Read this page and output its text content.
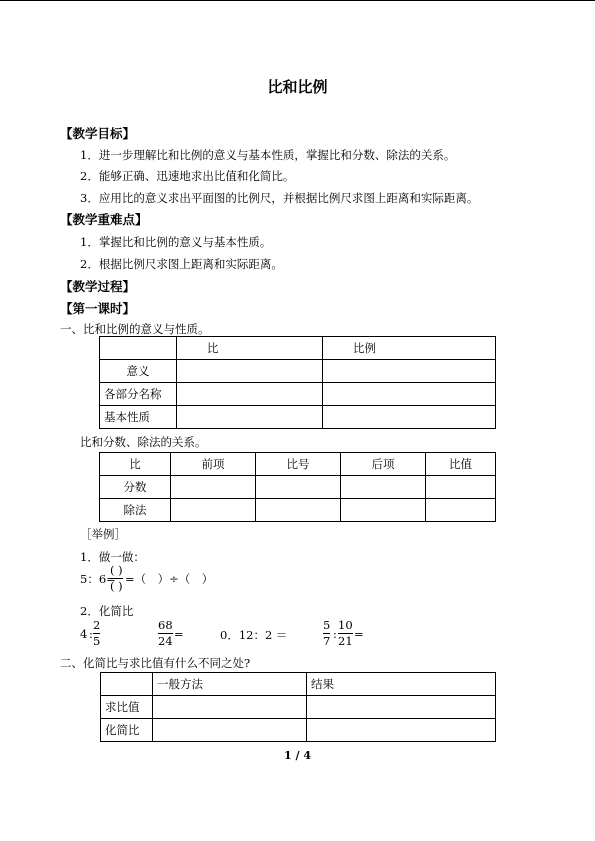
比和比例
【教学目标】
1．进一步理解比和比例的意义与基本性质，掌握比和分数、除法的关系。
2．能够正确、迅速地求出比值和化简比。
3．应用比的意义求出平面图的比例尺，并根据比例尺求图上距离和实际距离。
【教学重难点】
1．掌握比和比例的意义与基本性质。
2．根据比例尺求图上距离和实际距离。
【教学过程】
【第一课时】
一、比和比例的意义与性质。
	比	比例
意义		
各部分名称		
基本性质		
比和分数、除法的关系。
比	前项	比号	后项	比值
分数				
除法				
［举例］
1．做一做：
5：6=
( )
( ) =（　）÷（　）
2．化简比
4 :
2
5
68
24 =	0．12：2 ＝
5
7 :
10
21 =
二、化简比与求比值有什么不同之处?
	一般方法	结果
求比值		
化简比		
1 / 4
